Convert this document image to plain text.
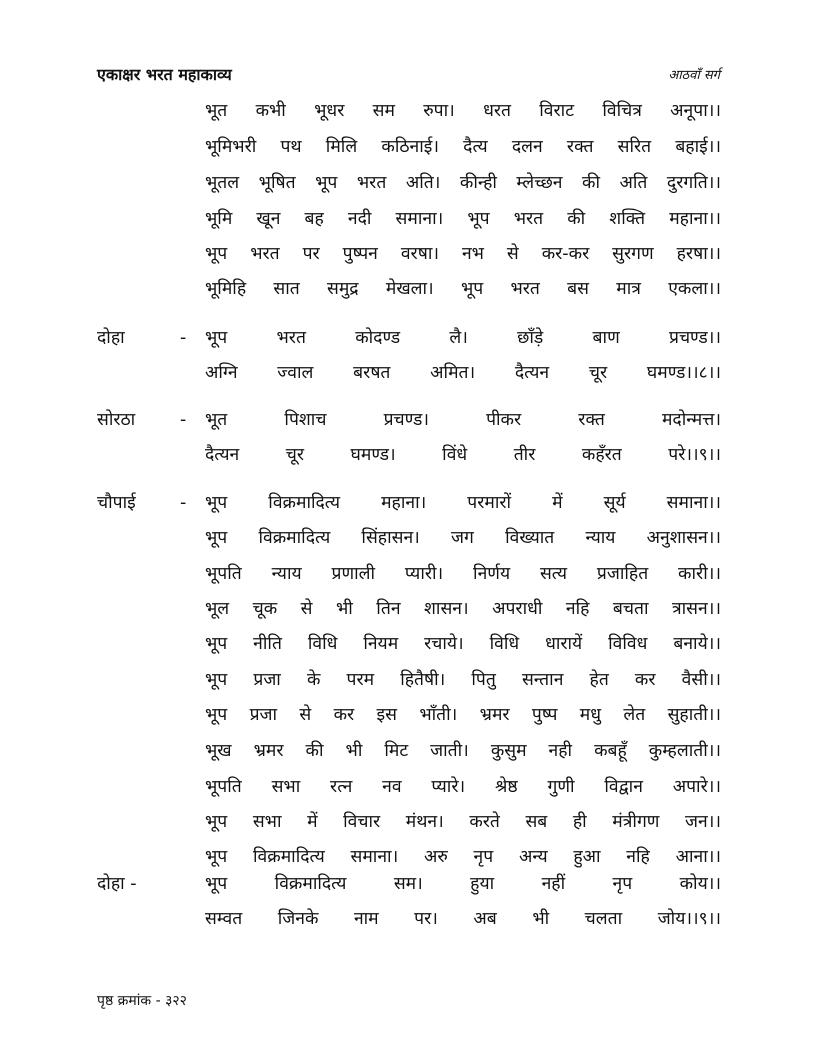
एकाक्षर भरत महाकाव्य	आठवाँ सर्ग
भूत कभी भूधर सम रुपा। धरत विराट विचित्र अनूपा।।
भूमिभरी पथ मिलि कठिनाई। दैत्य दलन रक्त सरित बहाई।।
भूतल भूषित भूप भरत अति। कीन्ही म्लेच्छन की अति दुरगति।।
भूमि खून बह नदी समाना। भूप भरत की शक्ति महाना।।
भूप भरत पर पुष्पन वरषा। नभ से कर-कर सुरगण हरषा।।
भूमिहि सात समुद्र मेखला। भूप भरत बस मात्र एकला।।
दोहा	- भूप भरत कोदण्ड लै। छाँड़े बाण प्रचण्ड।।
अग्नि ज्वाल बरषत अमित। दैत्यन चूर घमण्ड।।८।।
सोरठा	- भूत पिशाच प्रचण्ड। पीकर रक्त मदोन्मत्त।
दैत्यन चूर घमण्ड। विंधे तीर कहँरत परे।।९।।
चौपाई	- भूप विक्रमादित्य महाना। परमारों में सूर्य समाना।।
भूप विक्रमादित्य सिंहासन। जग विख्यात न्याय अनुशासन।।
भूपति न्याय प्रणाली प्यारी। निर्णय सत्य प्रजाहित कारी।।
भूल चूक से भी तिन शासन। अपराधी नहि बचता त्रासन।।
भूप नीति विधि नियम रचाये। विधि धारायें विविध बनाये।।
भूप प्रजा के परम हितैषी। पितु सन्तान हेत कर वैसी।।
भूप प्रजा से कर इस भाँती। भ्रमर पुष्प मधु लेत सुहाती।।
भूख भ्रमर की भी मिट जाती। कुसुम नही कबहूँ कुम्हलाती।।
भूपति सभा रत्न नव प्यारे। श्रेष्ठ गुणी विद्वान अपारे।।
भूप सभा में विचार मंथन। करते सब ही मंत्रीगण जन।।
भूप विक्रमादित्य समाना। अरु नृप अन्य हुआ नहि आना।।
दोहा -	भूप विक्रमादित्य सम। हुया नहीं नृप कोय।।
सम्वत जिनके नाम पर। अब भी चलता जोय।।९।।
पृष्ठ क्रमांक - ३२२
